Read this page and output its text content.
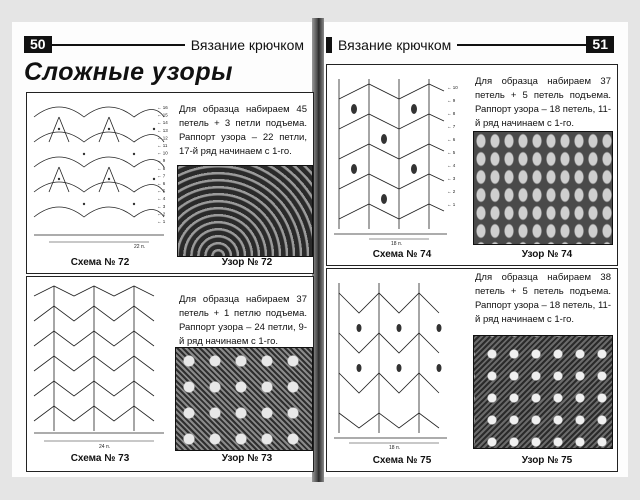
50	Вязание крючком	Вязание крючком	51
Сложные узоры
22 п.
← 16
← 15
← 14
← 13
← 12
← 11
← 10
← 9
← 8
← 7
← 6
← 5
← 4
← 3
← 2
← 1
Для образца набираем 45 петель + 3 петли подъема. Раппорт узора – 22 петли, 17-й ряд начинаем с 1-го.
Схема № 72	Узор № 72
24 п.
Для образца набираем 37 петель + 1 петлю подъема. Раппорт узора – 24 петли, 9-й ряд начинаем с 1-го.
Схема № 73	Узор № 73
18 п.
← 10
← 9
← 8
← 7
← 6
← 5
← 4
← 3
← 2
← 1
Для образца набираем 37 петель + 5 петель подъема. Раппорт узора – 18 петель, 11-й ряд начинаем с 1-го.
Схема № 74	Узор № 74
18 п.
Для образца набираем 38 петель + 5 петель подъема. Раппорт узора – 18 петель, 11-й ряд начинаем с 1-го.
Схема № 75	Узор № 75
